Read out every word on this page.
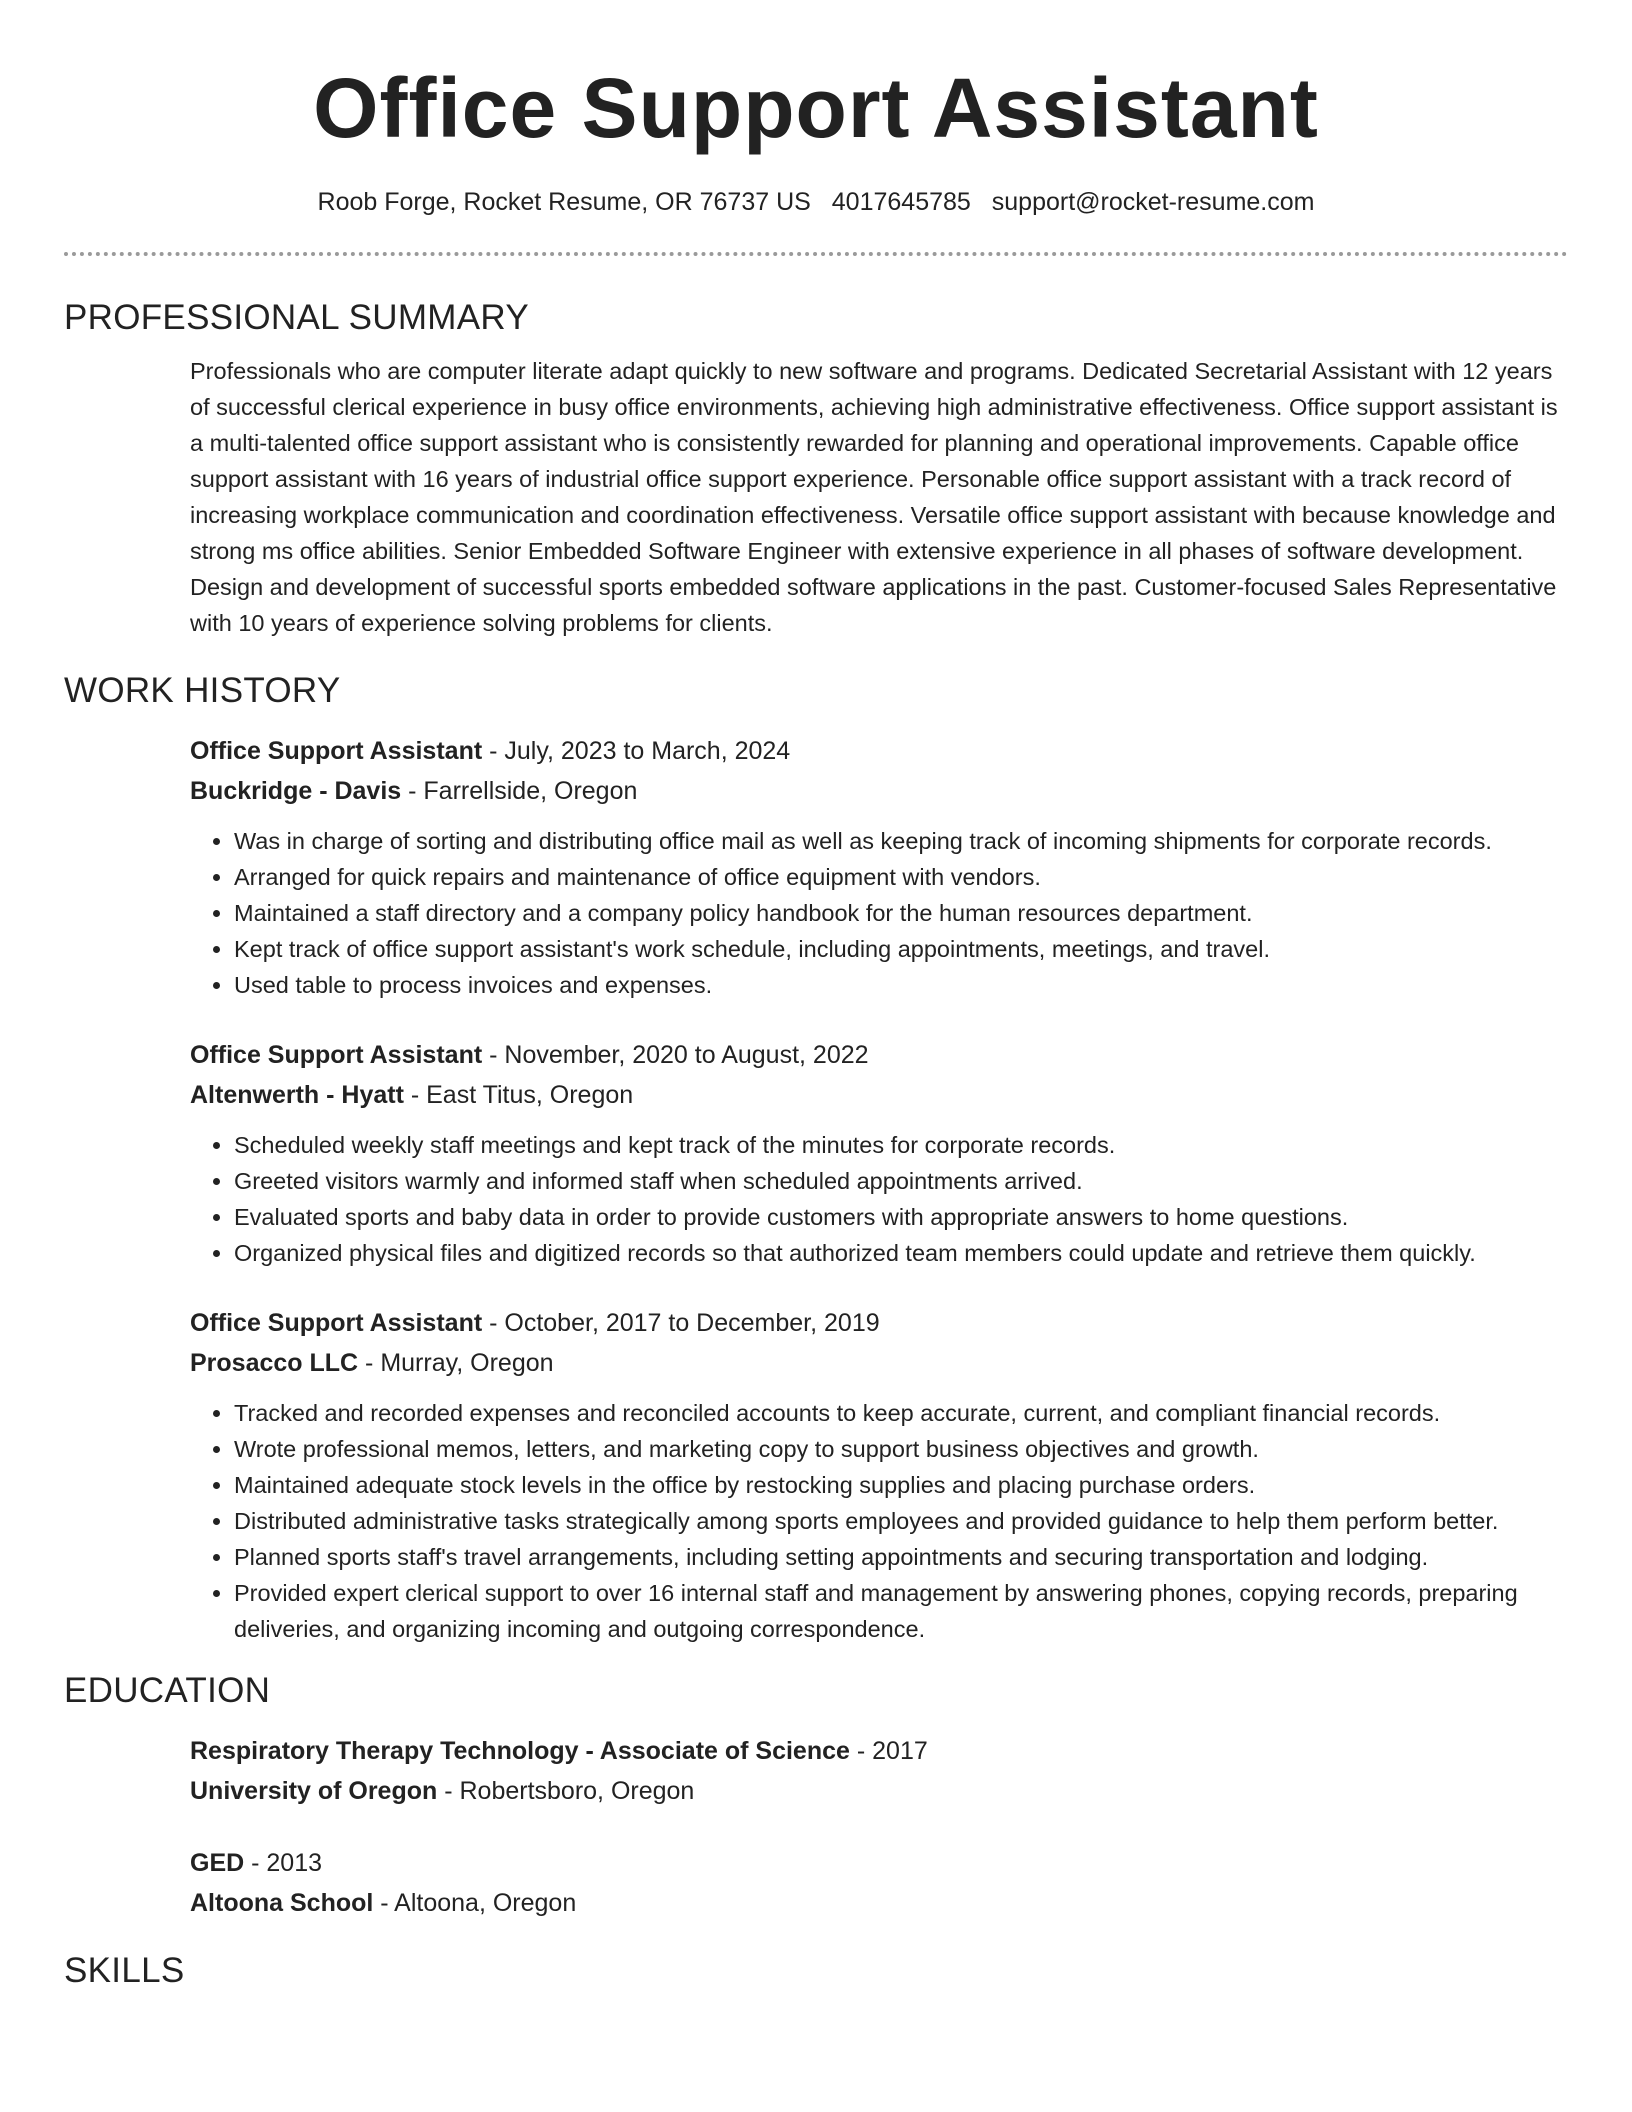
Office Support Assistant
Roob Forge, Rocket Resume, OR 76737 US 4017645785 support@rocket-resume.com
PROFESSIONAL SUMMARY

Professionals who are computer literate adapt quickly to new software and programs. Dedicated Secretarial Assistant with 12 years of successful clerical experience in busy office environments, achieving high administrative effectiveness. Office support assistant is a multi-talented office support assistant who is consistently rewarded for planning and operational improvements. Capable office support assistant with 16 years of industrial office support experience. Personable office support assistant with a track record of increasing workplace communication and coordination effectiveness. Versatile office support assistant with because knowledge and strong ms office abilities. Senior Embedded Software Engineer with extensive experience in all phases of software development. Design and development of successful sports embedded software applications in the past. Customer-focused Sales Representative with 10 years of experience solving problems for clients.

WORK HISTORY
Office Support Assistant - July, 2023 to March, 2024
Buckridge - Davis - Farrellside, Oregon
• Was in charge of sorting and distributing office mail as well as keeping track of incoming shipments for corporate records.
• Arranged for quick repairs and maintenance of office equipment with vendors.
• Maintained a staff directory and a company policy handbook for the human resources department.
• Kept track of office support assistant's work schedule, including appointments, meetings, and travel.
• Used table to process invoices and expenses.
Office Support Assistant - November, 2020 to August, 2022
Altenwerth - Hyatt - East Titus, Oregon
• Scheduled weekly staff meetings and kept track of the minutes for corporate records.
• Greeted visitors warmly and informed staff when scheduled appointments arrived.
• Evaluated sports and baby data in order to provide customers with appropriate answers to home questions.
• Organized physical files and digitized records so that authorized team members could update and retrieve them quickly.
Office Support Assistant - October, 2017 to December, 2019
Prosacco LLC - Murray, Oregon
• Tracked and recorded expenses and reconciled accounts to keep accurate, current, and compliant financial records.
• Wrote professional memos, letters, and marketing copy to support business objectives and growth.
• Maintained adequate stock levels in the office by restocking supplies and placing purchase orders.
• Distributed administrative tasks strategically among sports employees and provided guidance to help them perform better.
• Planned sports staff's travel arrangements, including setting appointments and securing transportation and lodging.
• Provided expert clerical support to over 16 internal staff and management by answering phones, copying records, preparing deliveries, and organizing incoming and outgoing correspondence.
EDUCATION
Respiratory Therapy Technology - Associate of Science - 2017
University of Oregon - Robertsboro, Oregon
GED - 2013
Altoona School - Altoona, Oregon
SKILLS
